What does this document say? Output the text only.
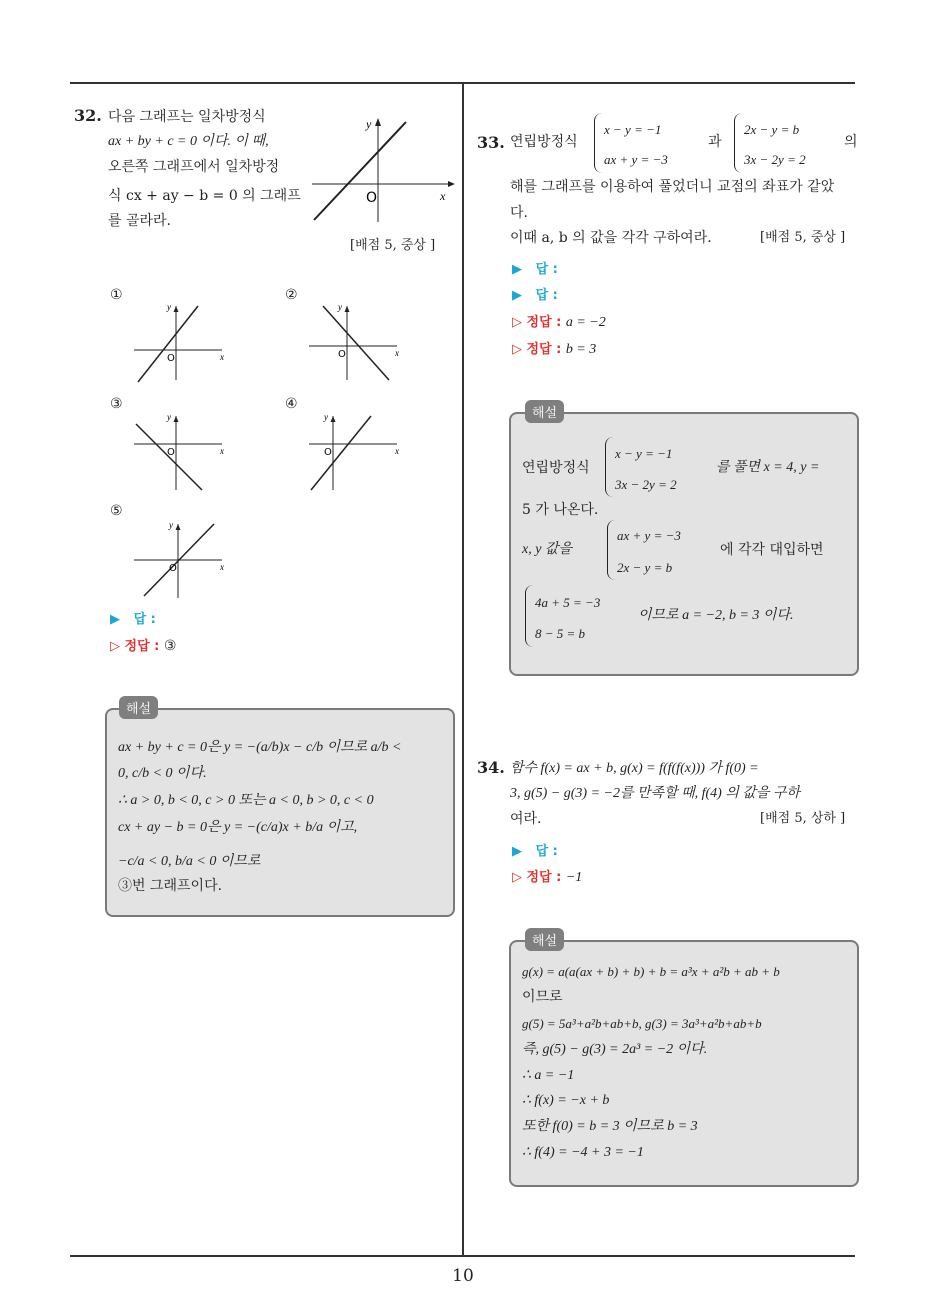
10
32. 다음 그래프는 일차방정식
ax + by + c = 0 이다. 이 때,
오른쪽 그래프에서 일차방정
식 cx + ay − b = 0 의 그래프
를 골라라.
[배점 5, 중상 ]
y
x
O
①	②
③	④
⑤
y
x
O
y
x
O
y
x
O
y
x
O
y
x
O
▶   답 :
▷ 정답 : ③
해설
ax + by + c = 0은 y = −(a/b)x − c/b 이므로 a/b <
0, c/b < 0 이다.
∴ a > 0, b < 0, c > 0 또는 a < 0, b > 0, c < 0
cx + ay − b = 0은 y = −(c/a)x + b/a 이고,
−c/a < 0, b/a < 0 이므로
③번 그래프이다.
33. 연립방정식
x − y = −1
ax + y = −3
과
2x − y = b
3x − 2y = 2
의
해를 그래프를 이용하여 풀었더니 교점의 좌표가 같았
다.
이때 a, b 의 값을 각각 구하여라.	[배점 5, 중상 ]
▶   답 :
▶   답 :
▷ 정답 : a = −2
▷ 정답 : b = 3
해설
연립방정식
x − y = −1
3x − 2y = 2
를 풀면 x = 4, y =
5 가 나온다.
x, y 값을
ax + y = −3
2x − y = b
에 각각 대입하면
4a + 5 = −3
8 − 5 = b
이므로 a = −2, b = 3 이다.
34. 함수 f(x) = ax + b, g(x) = f(f(f(x))) 가 f(0) =
3, g(5) − g(3) = −2를 만족할 때, f(4) 의 값을 구하
여라.	[배점 5, 상하 ]
▶   답 :
▷ 정답 : −1
해설
g(x) = a(a(ax + b) + b) + b = a³x + a²b + ab + b
이므로
g(5) = 5a³+a²b+ab+b, g(3) = 3a³+a²b+ab+b
즉, g(5) − g(3) = 2a³ = −2 이다.
∴ a = −1
∴ f(x) = −x + b
또한 f(0) = b = 3 이므로 b = 3
∴ f(4) = −4 + 3 = −1
